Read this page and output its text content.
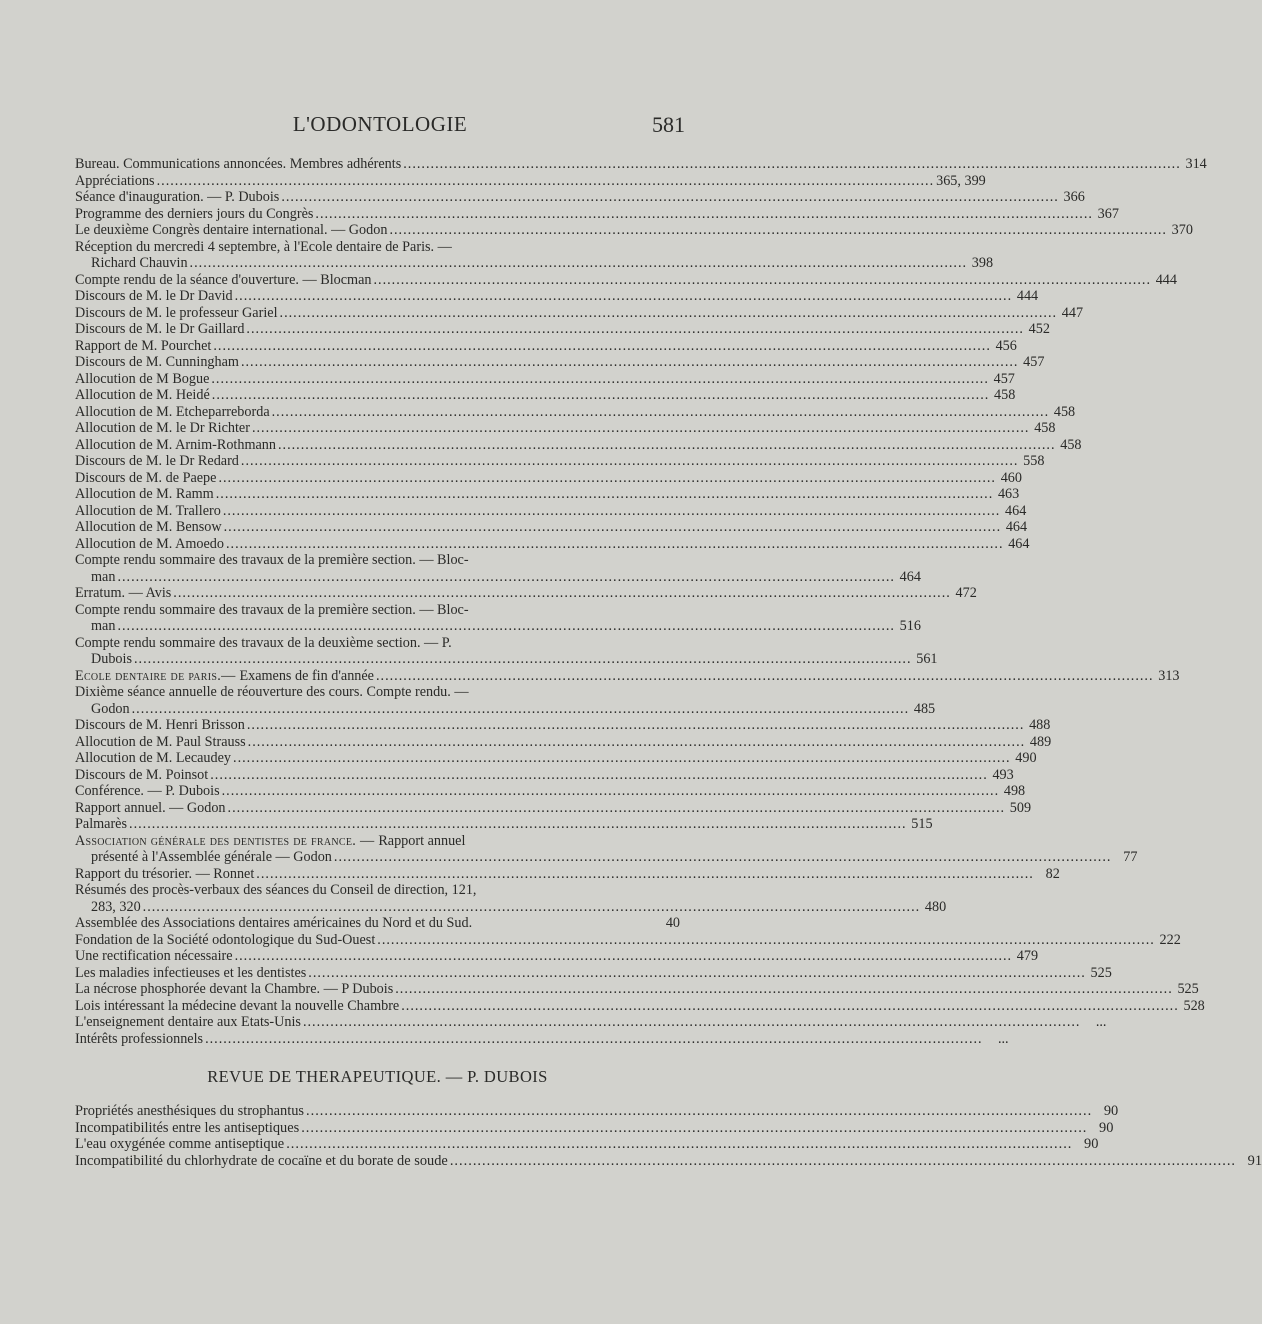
L'ODONTOLOGIE	581
Bureau. Communications annoncées. Membres adhérents .....	314
Appréciations .....	365, 399
Séance d'inauguration. — P. Dubois .....	366
Programme des derniers jours du Congrès .....	367
Le deuxième Congrès dentaire international. — Godon .....	370
Réception du mercredi 4 septembre, à l'Ecole dentaire de Paris. —
Richard Chauvin .....	398
Compte rendu de la séance d'ouverture. — Blocman .....	444
Discours de M. le Dr David .....	444
Discours de M. le professeur Gariel .....	447
Discours de M. le Dr Gaillard .....	452
Rapport de M. Pourchet .....	456
Discours de M. Cunningham .....	457
Allocution de M Bogue .....	457
Allocution de M. Heidé .....	458
Allocution de M. Etcheparreborda .....	458
Allocution de M. le Dr Richter .....	458
Allocution de M. Arnim-Rothmann .....	458
Discours de M. le Dr Redard .....	558
Discours de M. de Paepe .....	460
Allocution de M. Ramm .....	463
Allocution de M. Trallero .....	464
Allocution de M. Bensow .....	464
Allocution de M. Amoedo .....	464
Compte rendu sommaire des travaux de la première section. — Bloc-
man .....	464
Erratum. — Avis .....	472
Compte rendu sommaire des travaux de la première section. — Bloc-
man .....	516
Compte rendu sommaire des travaux de la deuxième section. — P.
Dubois .....	561
Ecole dentaire de paris.— Examens de fin d'année .....	313
Dixième séance annuelle de réouverture des cours. Compte rendu. —
Godon .....	485
Discours de M. Henri Brisson .....	488
Allocution de M. Paul Strauss .....	489
Allocution de M. Lecaudey .....	490
Discours de M. Poinsot .....	493
Conférence. — P. Dubois .....	498
Rapport annuel. — Godon .....	509
Palmarès .....	515
Association générale des dentistes de france. — Rapport annuel
présenté à l'Assemblée générale — Godon .....	77
Rapport du trésorier. — Ronnet .....	82
Résumés des procès-verbaux des séances du Conseil de direction, 121,
283, 320 .....	480
Assemblée des Associations dentaires américaines du Nord et du Sud.	40
Fondation de la Société odontologique du Sud-Ouest .....	222
Une rectification nécessaire .....	479
Les maladies infectieuses et les dentistes .....	525
La nécrose phosphorée devant la Chambre. — P Dubois .....	525
Lois intéressant la médecine devant la nouvelle Chambre .....	528
L'enseignement dentaire aux Etats-Unis .....	...
Intérêts professionnels .....	...
REVUE DE THERAPEUTIQUE. — P. DUBOIS
Propriétés anesthésiques du strophantus .....	90
Incompatibilités entre les antiseptiques .....	90
L'eau oxygénée comme antiseptique .....	90
Incompatibilité du chlorhydrate de cocaïne et du borate de soude .....	91
